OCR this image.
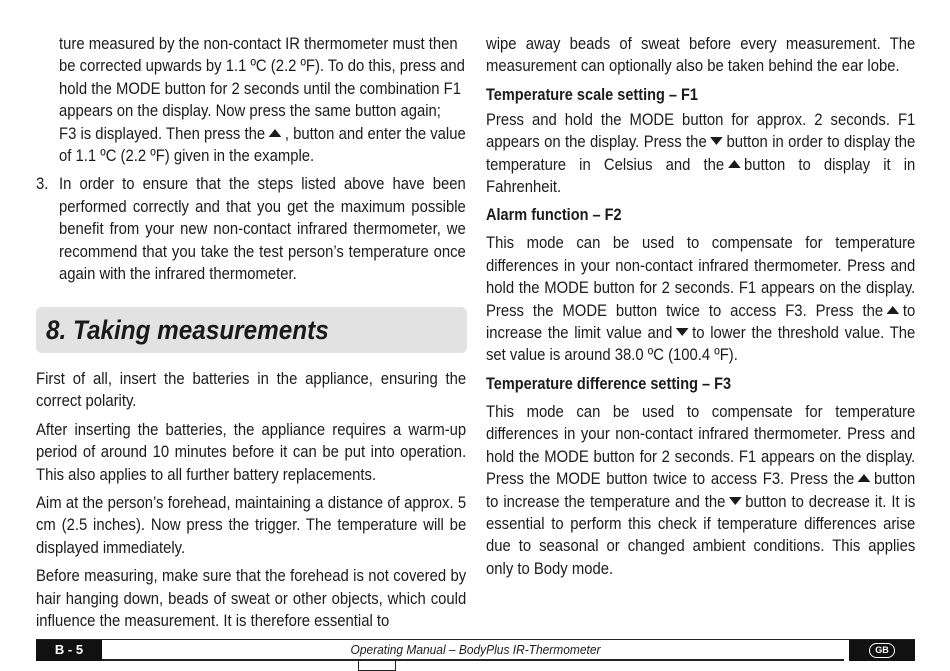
ture measured by the non-contact IR thermometer must then
be corrected upwards by 1.1 ºC (2.2 ºF). To do this, press and
hold the MODE button for 2 seconds until the combination F1
appears on the display. Now press the same button again;
F3 is displayed. Then press the , button and enter the value
of 1.1 ºC (2.2 ºF) given in the example.

3. In order to ensure that the steps listed above have been performed correctly and that you get the maximum possible benefit from your new non-contact infrared thermometer, we recommend that you take the test person’s temperature once again with the infrared thermometer.

8. Taking measurements

First of all, insert the batteries in the appliance, ensuring the correct polarity.

After inserting the batteries, the appliance requires a warm-up period of around 10 minutes before it can be put into operation. This also applies to all further battery replacements.

Aim at the person’s forehead, maintaining a distance of approx. 5 cm (2.5 inches). Now press the trigger. The temperature will be displayed immediately.

Before measuring, make sure that the forehead is not covered by hair hanging down, beads of sweat or other objects, which could influence the measurement. It is therefore essential to

wipe away beads of sweat before every measurement. The measurement can optionally also be taken behind the ear lobe.

Temperature scale setting – F1

Press and hold the MODE button for approx. 2 seconds. F1 appears on the display. Press the button in order to display the temperature in Celsius and the button to display it in Fahrenheit.

Alarm function – F2

This mode can be used to compensate for temperature differences in your non-contact infrared thermometer. Press and hold the MODE button for 2 seconds. F1 appears on the display. Press the MODE button twice to access F3. Press the to increase the limit value and to lower the threshold value. The set value is around 38.0 ºC (100.4 ºF).

Temperature difference setting – F3

This mode can be used to compensate for temperature differences in your non-contact infrared thermometer. Press and hold the MODE button for 2 seconds. F1 appears on the display. Press the MODE button twice to access F3. Press the button to increase the temperature and the button to decrease it. It is essential to perform this check if temperature differences arise due to seasonal or changed ambient conditions. This applies only to Body mode.

B - 5	Operating Manual – BodyPlus IR-Thermometer	GB
